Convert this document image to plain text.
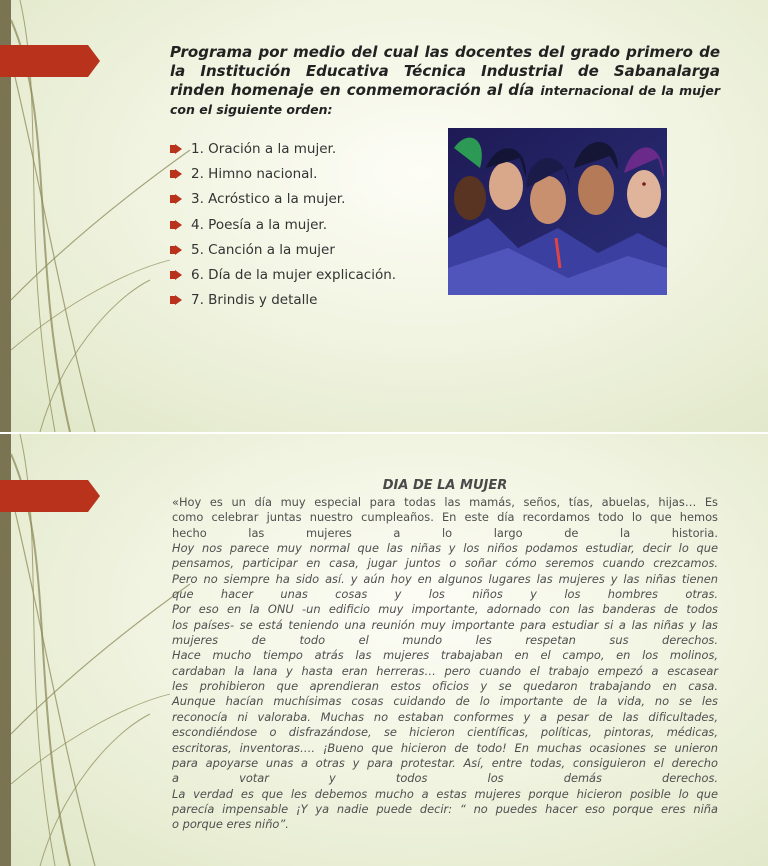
Programa por medio del cual las docentes del grado primero de la Institución Educativa Técnica Industrial de Sabanalarga rinden homenaje en conmemoración al día internacional de la mujer con el siguiente orden:
1. Oración a la mujer.
2. Himno nacional.
3. Acróstico a la mujer.
4. Poesía a la mujer.
5. Canción a la mujer
6. Día de la mujer explicación.
7. Brindis y detalle
DIA DE LA MUJER

«Hoy es un día muy especial para todas las mamás, seños, tías, abuelas, hijas… Es

como celebrar juntas nuestro cumpleaños. En este día recordamos todo lo que hemos

hecho las mujeres a lo largo de la historia.

Hoy nos parece muy normal que las niñas y los niños podamos estudiar, decir lo que

pensamos, participar en casa, jugar juntos o soñar cómo seremos cuando crezcamos.

Pero no siempre ha sido así. y aún hoy en algunos lugares las mujeres y las niñas tienen

que hacer unas cosas y los niños y los hombres otras.

Por eso en la ONU -un edificio muy importante, adornado con las banderas de todos

los países- se está teniendo una reunión muy importante para estudiar si a las niñas y las

mujeres de todo el mundo les respetan sus derechos.

Hace mucho tiempo atrás las mujeres trabajaban en el campo, en los molinos,

cardaban la lana y hasta eran herreras… pero cuando el trabajo empezó a escasear

les prohibieron que aprendieran estos oficios y se quedaron trabajando en casa.

Aunque hacían muchísimas cosas cuidando de lo importante de la vida, no se les

reconocía ni valoraba. Muchas no estaban conformes y a pesar de las dificultades,

escondiéndose o disfrazándose, se hicieron científicas, políticas, pintoras, médicas,

escritoras, inventoras…. ¡Bueno que hicieron de todo! En muchas ocasiones se unieron

para apoyarse unas a otras y para protestar. Así, entre todas, consiguieron el derecho

a votar y todos los demás derechos.

La verdad es que les debemos mucho a estas mujeres porque hicieron posible lo que

parecía impensable ¡Y ya nadie puede decir: “ no puedes hacer eso porque eres niña

o porque eres niño”.
